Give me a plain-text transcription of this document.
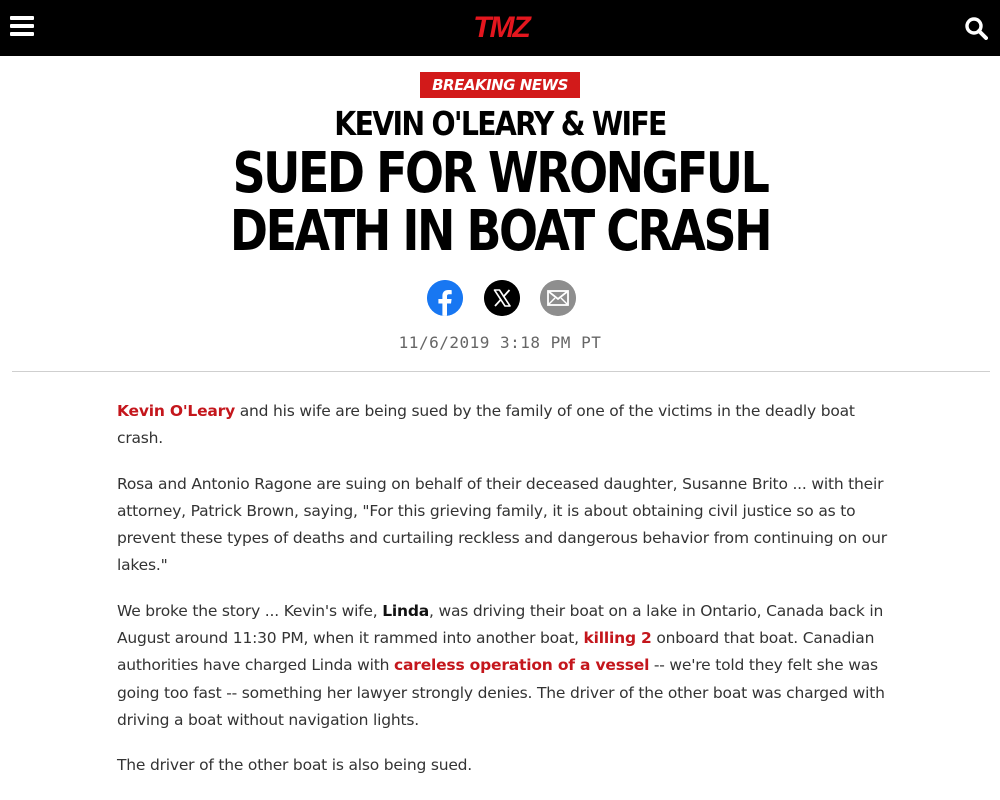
TMZ
BREAKING NEWS
KEVIN O'LEARY & WIFE
SUED FOR WRONGFUL
DEATH IN BOAT CRASH
11/6/2019 3:18 PM PT

Kevin O'Leary and his wife are being sued by the family of one of the victims in the deadly boat crash.

Rosa and Antonio Ragone are suing on behalf of their deceased daughter, Susanne Brito ... with their attorney, Patrick Brown, saying, "For this grieving family, it is about obtaining civil justice so as to prevent these types of deaths and curtailing reckless and dangerous behavior from continuing on our lakes."

We broke the story ... Kevin's wife, Linda, was driving their boat on a lake in Ontario, Canada back in August around 11:30 PM, when it rammed into another boat, killing 2 onboard that boat. Canadian authorities have charged Linda with careless operation of a vessel -- we're told they felt she was going too fast -- something her lawyer strongly denies. The driver of the other boat was charged with driving a boat without navigation lights.

The driver of the other boat is also being sued.
